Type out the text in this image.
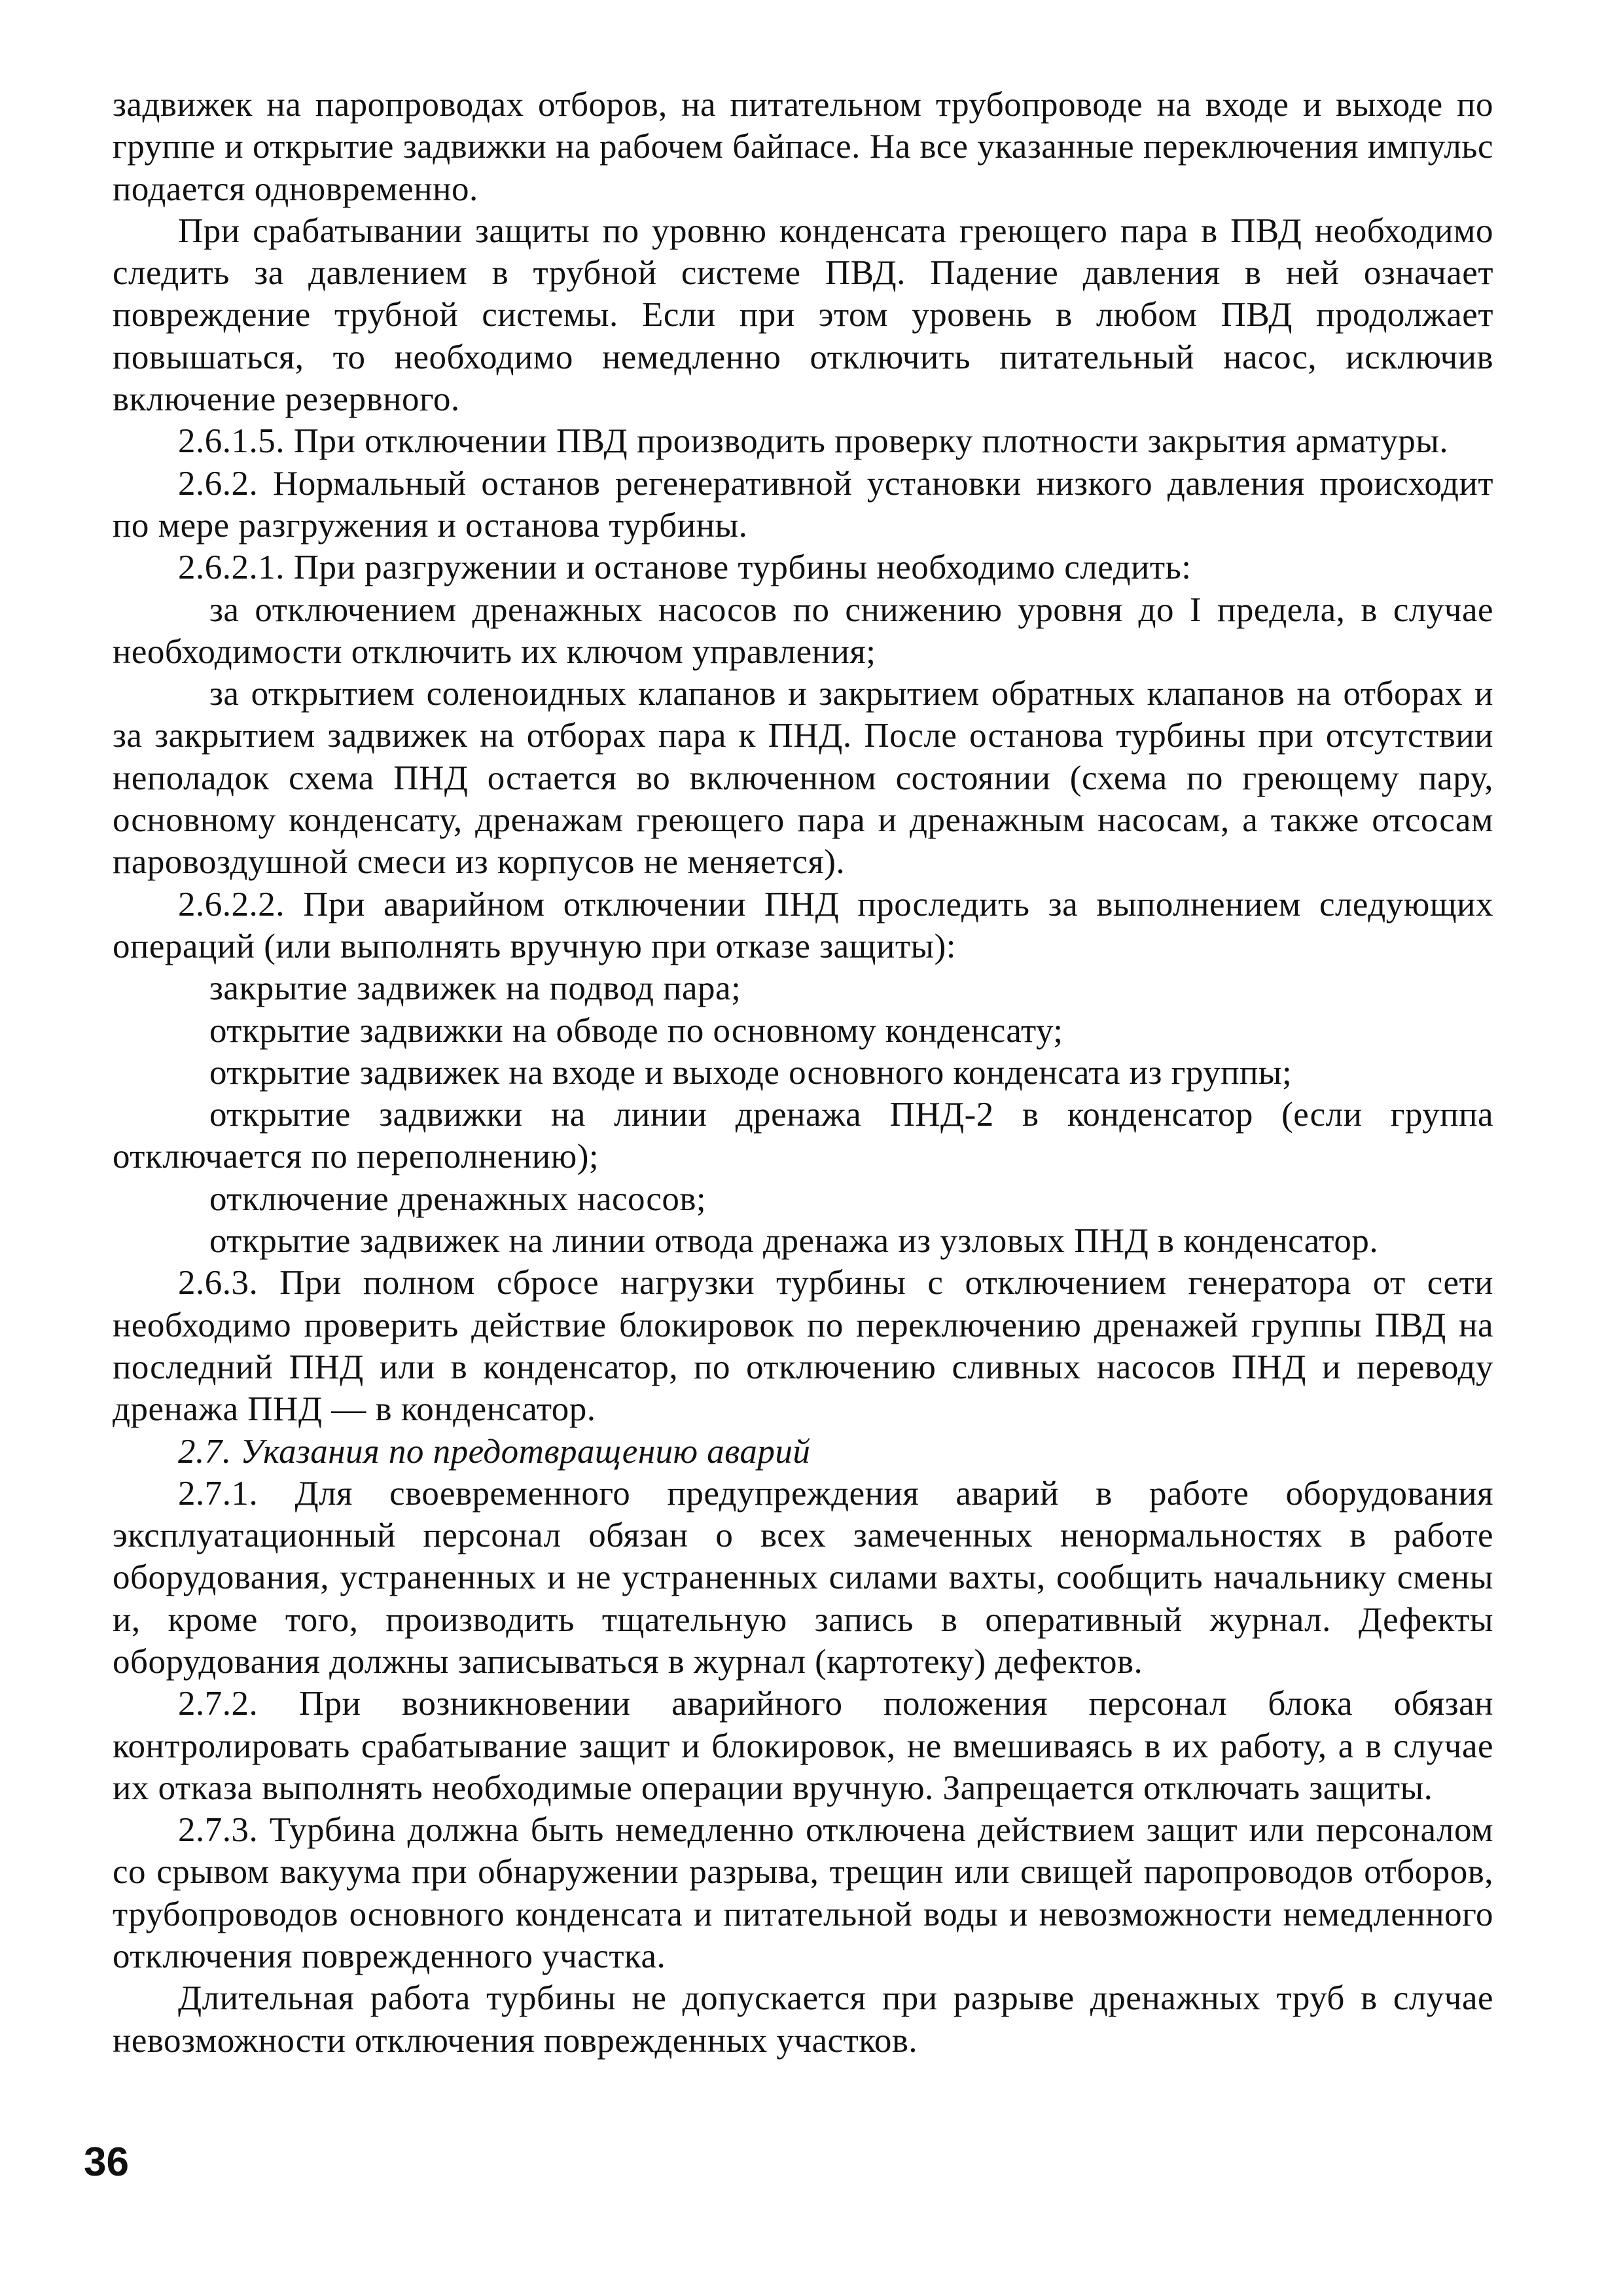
задвижек на паропроводах отборов, на питательном трубопроводе на входе и выходе по группе и открытие задвижки на рабочем байпасе. На все указанные переключения импульс подается одновременно.

При срабатывании защиты по уровню конденсата греющего пара в ПВД необходимо следить за давлением в трубной системе ПВД. Падение давления в ней означает повреждение трубной системы. Если при этом уровень в любом ПВД продолжает повышаться, то необходимо немедленно отключить питательный насос, исключив включение резервного.

2.6.1.5. При отключении ПВД производить проверку плотности закрытия арматуры.

2.6.2. Нормальный останов регенеративной установки низкого давления происходит по мере разгружения и останова турбины.

2.6.2.1. При разгружении и останове турбины необходимо следить:

за отключением дренажных насосов по снижению уровня до I предела, в случае необходимости отключить их ключом управления;

за открытием соленоидных клапанов и закрытием обратных клапанов на отборах и за закрытием задвижек на отборах пара к ПНД. После останова турбины при отсутствии неполадок схема ПНД остается во включенном состоянии (схема по греющему пару, основному конденсату, дренажам греющего пара и дренажным насосам, а также отсосам паровоздушной смеси из корпусов не меняется).

2.6.2.2. При аварийном отключении ПНД проследить за выполнением следующих операций (или выполнять вручную при отказе защиты):

закрытие задвижек на подвод пара;

открытие задвижки на обводе по основному конденсату;

открытие задвижек на входе и выходе основного конденсата из группы;

открытие задвижки на линии дренажа ПНД-2 в конденсатор (если группа отключается по переполнению);

отключение дренажных насосов;

открытие задвижек на линии отвода дренажа из узловых ПНД в конденсатор.

2.6.3. При полном сбросе нагрузки турбины с отключением генератора от сети необходимо проверить действие блокировок по переключению дренажей группы ПВД на последний ПНД или в конденсатор, по отключению сливных насосов ПНД и переводу дренажа ПНД — в конденсатор.

2.7. Указания по предотвращению аварий

2.7.1. Для своевременного предупреждения аварий в работе оборудования эксплуатационный персонал обязан о всех замеченных ненормальностях в работе оборудования, устраненных и не устраненных силами вахты, сообщить начальнику смены и, кроме того, производить тщательную запись в оперативный журнал. Дефекты оборудования должны записываться в журнал (картотеку) дефектов.

2.7.2. При возникновении аварийного положения персонал блока обязан контролировать срабатывание защит и блокировок, не вмешиваясь в их работу, а в случае их отказа выполнять необходимые операции вручную. Запрещается отключать защиты.

2.7.3. Турбина должна быть немедленно отключена действием защит или персоналом со срывом вакуума при обнаружении разрыва, трещин или свищей паропроводов отборов, трубопроводов основного конденсата и питательной воды и невозможности немедленного отключения поврежденного участка.

Длительная работа турбины не допускается при разрыве дренажных труб в случае невозможности отключения поврежденных участков.

36
